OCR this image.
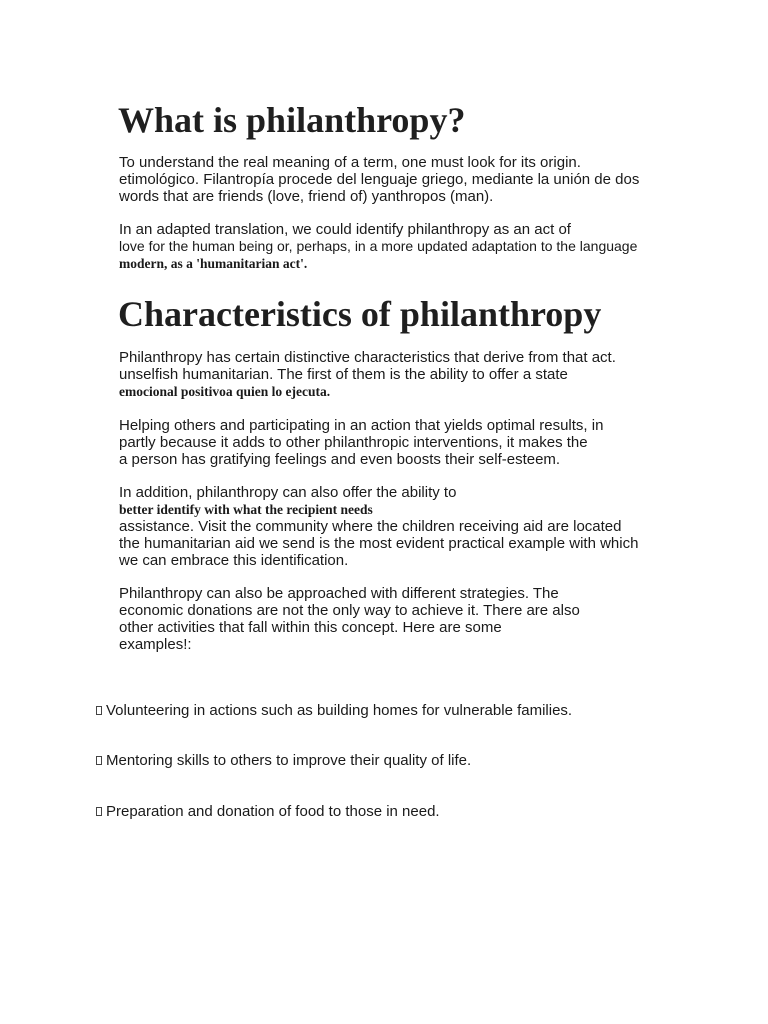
What is philanthropy?
To understand the real meaning of a term, one must look for its origin.
etimológico. Filantropía procede del lenguaje griego, mediante la unión de dos
words that are friends (love, friend of) yanthropos (man).
In an adapted translation, we could identify philanthropy as an act of
love for the human being or, perhaps, in a more updated adaptation to the language
modern, as a 'humanitarian act'.
Characteristics of philanthropy
Philanthropy has certain distinctive characteristics that derive from that act.
unselfish humanitarian. The first of them is the ability to offer a state
emocional positivoa quien lo ejecuta.
Helping others and participating in an action that yields optimal results, in
partly because it adds to other philanthropic interventions, it makes the
a person has gratifying feelings and even boosts their self-esteem.
In addition, philanthropy can also offer the ability to
better identify with what the recipient needs
assistance. Visit the community where the children receiving aid are located
the humanitarian aid we send is the most evident practical example with which
we can embrace this identification.
Philanthropy can also be approached with different strategies. The
economic donations are not the only way to achieve it. There are also
other activities that fall within this concept. Here are some
examples!:
Volunteering in actions such as building homes for vulnerable families.
Mentoring skills to others to improve their quality of life.
Preparation and donation of food to those in need.
